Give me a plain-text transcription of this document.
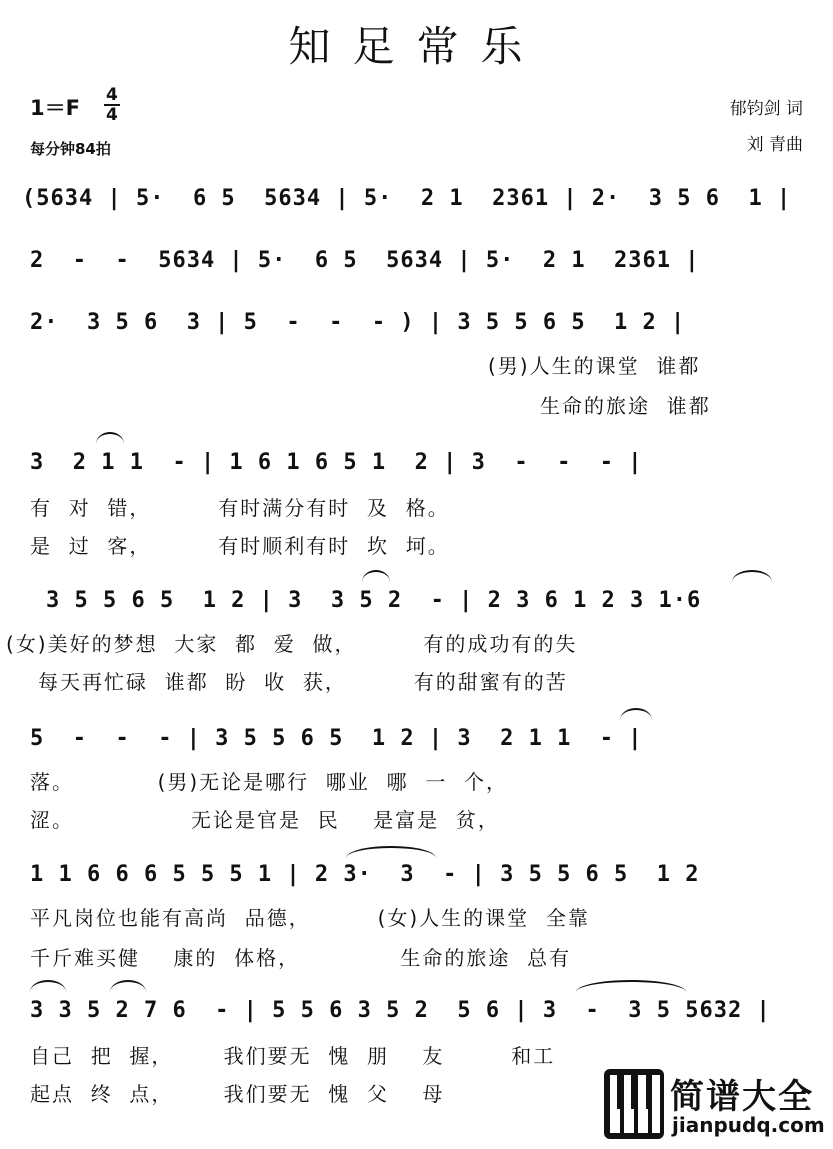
知足常乐
$1=F \frac{4}{4}$
每分钟84拍
郁钧剑 词
刘 青曲
(5634 | 5·  6 5  5634 | 5·  2 1  2361 | 2·  3 5 6  1 |
2  -  -  5634 | 5·  6 5  5634 | 5·  2 1  2361 |
2·  3 5 6  3 | 5  -  -  - ) | 3 5 5 6 5  1 2 |
(男)人生的课堂  谁都
生命的旅途  谁都
3  2 1 1  - | 1 6 1 6 5 1  2 | 3  -  -  - |
有  对  错，        有时满分有时  及  格。
是  过  客，        有时顺利有时  坎  坷。
3 5 5 6 5  1 2 | 3  3 5 2  - | 2 3 6 1 2 3 1·6
(女)美好的梦想  大家  都  爱  做，        有的成功有的失
每天再忙碌  谁都  盼  收  获，        有的甜蜜有的苦
5  -  -  - | 3 5 5 6 5  1 2 | 3  2 1 1  - |
落。          (男)无论是哪行  哪业  哪  一  个，
涩。              无论是官是  民    是富是  贫，
1 1 6 6 6 5 5 5 1 | 2 3·  3  - | 3 5 5 6 5  1 2
平凡岗位也能有高尚  品德，        (女)人生的课堂  全靠
千斤难买健    康的  体格，            生命的旅途  总有
3 3 5 2 7 6  - | 5 5 6 3 5 2  5 6 | 3  -  3 5 5632 |
自己  把  握，      我们要无  愧  朋    友        和工
起点  终  点，      我们要无  愧  父    母	简谱大全
jianpudq.com
